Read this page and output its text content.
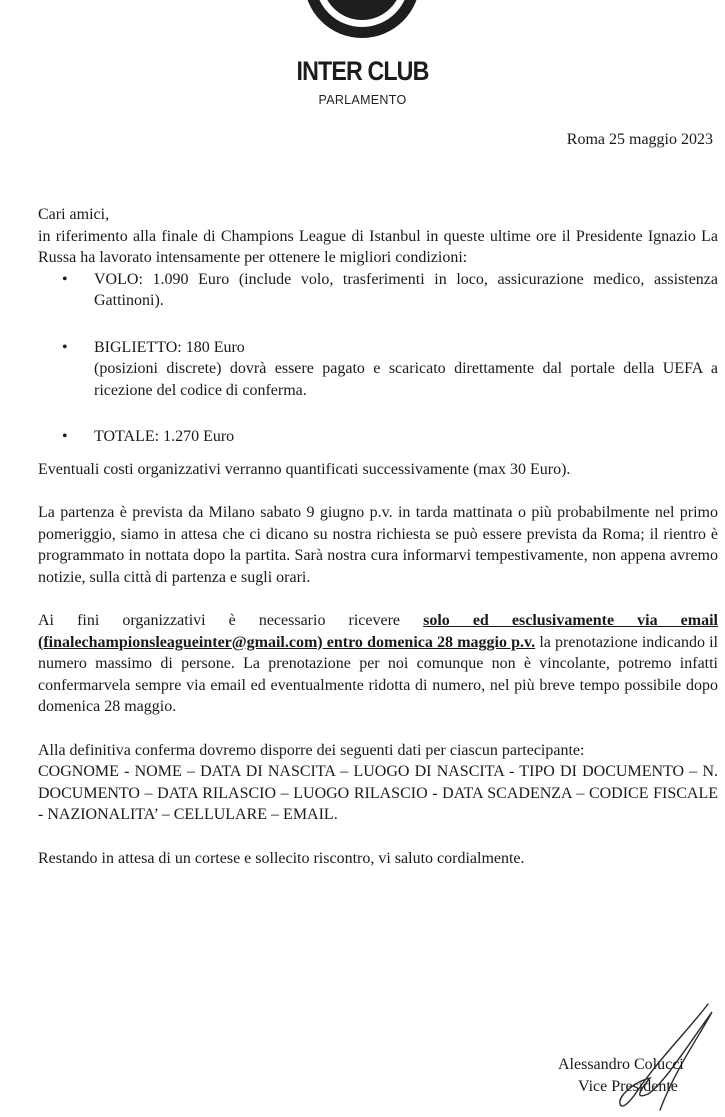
INTER CLUB
PARLAMENTO
Roma 25 maggio 2023

Cari amici,

in riferimento alla finale di Champions League di Istanbul in queste ultime ore il Presidente Ignazio La Russa ha lavorato intensamente per ottenere le migliori condizioni:

• VOLO: 1.090 Euro (include volo, trasferimenti in loco, assicurazione medico, assistenza Gattinoni).
• BIGLIETTO: 180 Euro
(posizioni discrete) dovrà essere pagato e scaricato direttamente dal portale della UEFA a ricezione del codice di conferma.
• TOTALE: 1.270 Euro

Eventuali costi organizzativi verranno quantificati successivamente (max 30 Euro).

La partenza è prevista da Milano sabato 9 giugno p.v. in tarda mattinata o più probabilmente nel primo pomeriggio, siamo in attesa che ci dicano su nostra richiesta se può essere prevista da Roma; il rientro è programmato in nottata dopo la partita. Sarà nostra cura informarvi tempestivamente, non appena avremo notizie, sulla città di partenza e sugli orari.

Ai fini organizzativi è necessario ricevere solo ed esclusivamente via email (finalechampionsleagueinter@gmail.com) entro domenica 28 maggio p.v. la prenotazione indicando il numero massimo di persone. La prenotazione per noi comunque non è vincolante, potremo infatti confermarvela sempre via email ed eventualmente ridotta di numero, nel più breve tempo possibile dopo domenica 28 maggio.

Alla definitiva conferma dovremo disporre dei seguenti dati per ciascun partecipante:

COGNOME - NOME – DATA DI NASCITA – LUOGO DI NASCITA - TIPO DI DOCUMENTO – N. DOCUMENTO – DATA RILASCIO – LUOGO RILASCIO - DATA SCADENZA – CODICE FISCALE - NAZIONALITA’ – CELLULARE – EMAIL.

Restando in attesa di un cortese e sollecito riscontro, vi saluto cordialmente.

Alessandro Colucci
Vice Presidente
